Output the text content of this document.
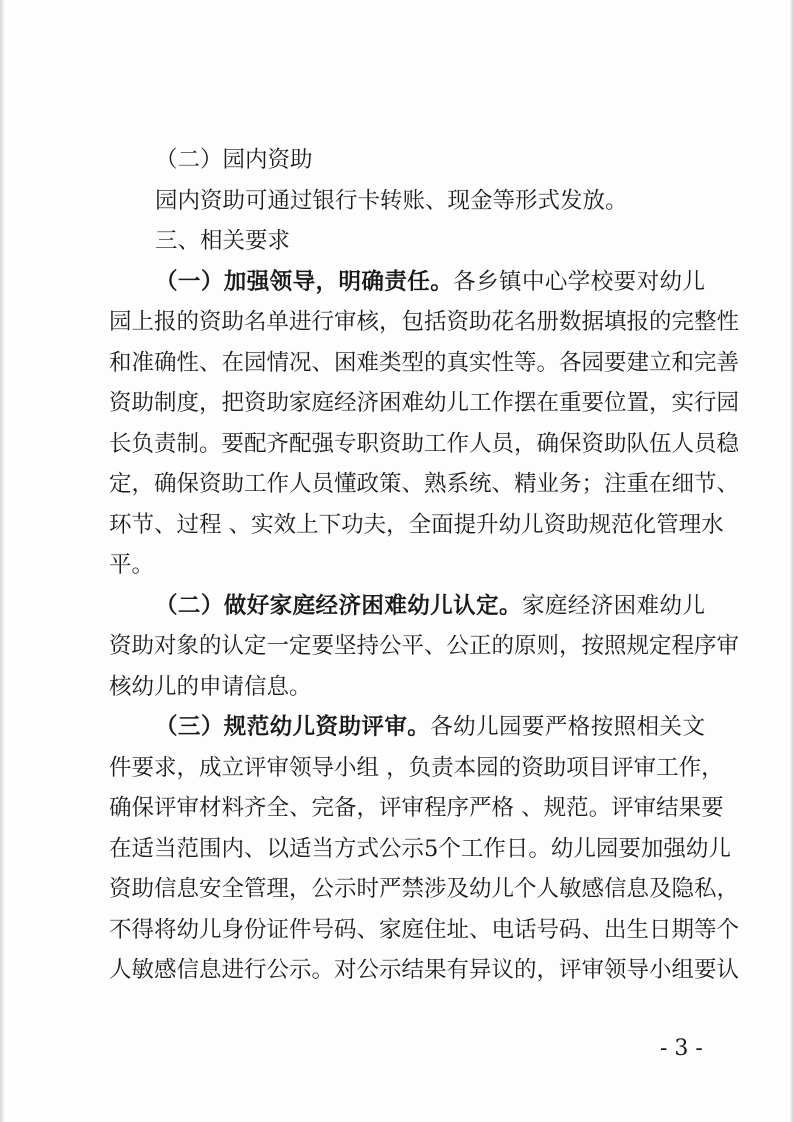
（二）园内资助
园内资助可通过银行卡转账、现金等形式发放。
三、相关要求
（一）加强领导，明确责任。各乡镇中心学校要对幼儿
园上报的资助名单进行审核，包括资助花名册数据填报的完整性
和准确性、在园情况、困难类型的真实性等。各园要建立和完善
资助制度，把资助家庭经济困难幼儿工作摆在重要位置，实行园
长负责制。要配齐配强专职资助工作人员，确保资助队伍人员稳
定，确保资助工作人员懂政策、熟系统、精业务；注重在细节、
环节、过程 、实效上下功夫，全面提升幼儿资助规范化管理水
平。
（二）做好家庭经济困难幼儿认定。家庭经济困难幼儿
资助对象的认定一定要坚持公平、公正的原则，按照规定程序审
核幼儿的申请信息。
（三）规范幼儿资助评审。各幼儿园要严格按照相关文
件要求，成立评审领导小组 ，负责本园的资助项目评审工作，
确保评审材料齐全、完备，评审程序严格 、规范。评审结果要
在适当范围内、以适当方式公示5个工作日。幼儿园要加强幼儿
资助信息安全管理，公示时严禁涉及幼儿个人敏感信息及隐私，
不得将幼儿身份证件号码、家庭住址、电话号码、出生日期等个
人敏感信息进行公示。对公示结果有异议的，评审领导小组要认
- 3 -
